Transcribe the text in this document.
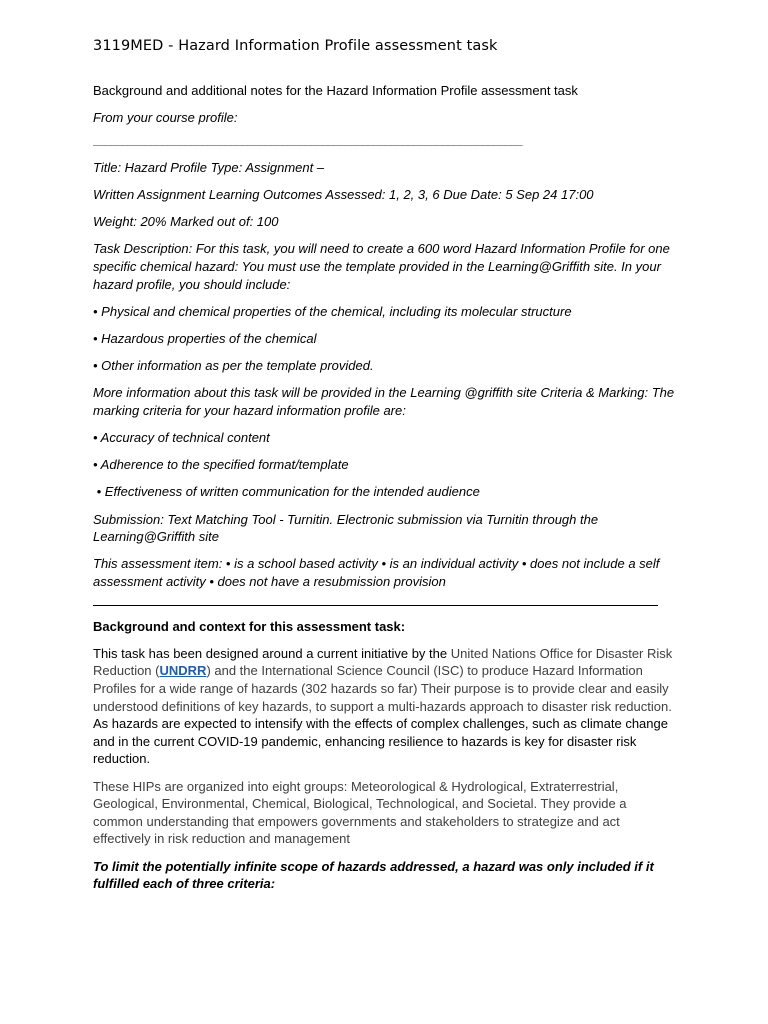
3119MED - Hazard Information Profile assessment task

Background and additional notes for the Hazard Information Profile assessment task

From your course profile:

___________________________________________________________________________

Title: Hazard Profile Type: Assignment –

Written Assignment Learning Outcomes Assessed: 1, 2, 3, 6 Due Date: 5 Sep 24 17:00

Weight: 20% Marked out of: 100

Task Description: For this task, you will need to create a 600 word Hazard Information Profile for one specific chemical hazard: You must use the template provided in the Learning@Griffith site. In your hazard profile, you should include:

• Physical and chemical properties of the chemical, including its molecular structure

• Hazardous properties of the chemical

• Other information as per the template provided.

More information about this task will be provided in the Learning @griffith site Criteria & Marking: The marking criteria for your hazard information profile are:

• Accuracy of technical content

• Adherence to the specified format/template

• Effectiveness of written communication for the intended audience

Submission: Text Matching Tool - Turnitin. Electronic submission via Turnitin through the Learning@Griffith site

This assessment item: • is a school based activity • is an individual activity • does not include a self assessment activity • does not have a resubmission provision

Background and context for this assessment task:

This task has been designed around a current initiative by the United Nations Office for Disaster Risk Reduction (UNDRR) and the International Science Council (ISC) to produce Hazard Information Profiles for a wide range of hazards (302 hazards so far) Their purpose is to provide clear and easily understood definitions of key hazards, to support a multi-hazards approach to disaster risk reduction. As hazards are expected to intensify with the effects of complex challenges, such as climate change and in the current COVID-19 pandemic, enhancing resilience to hazards is key for disaster risk reduction.

These HIPs are organized into eight groups: Meteorological & Hydrological, Extraterrestrial, Geological, Environmental, Chemical, Biological, Technological, and Societal. They provide a common understanding that empowers governments and stakeholders to strategize and act effectively in risk reduction and management

To limit the potentially infinite scope of hazards addressed, a hazard was only included if it fulfilled each of three criteria:
